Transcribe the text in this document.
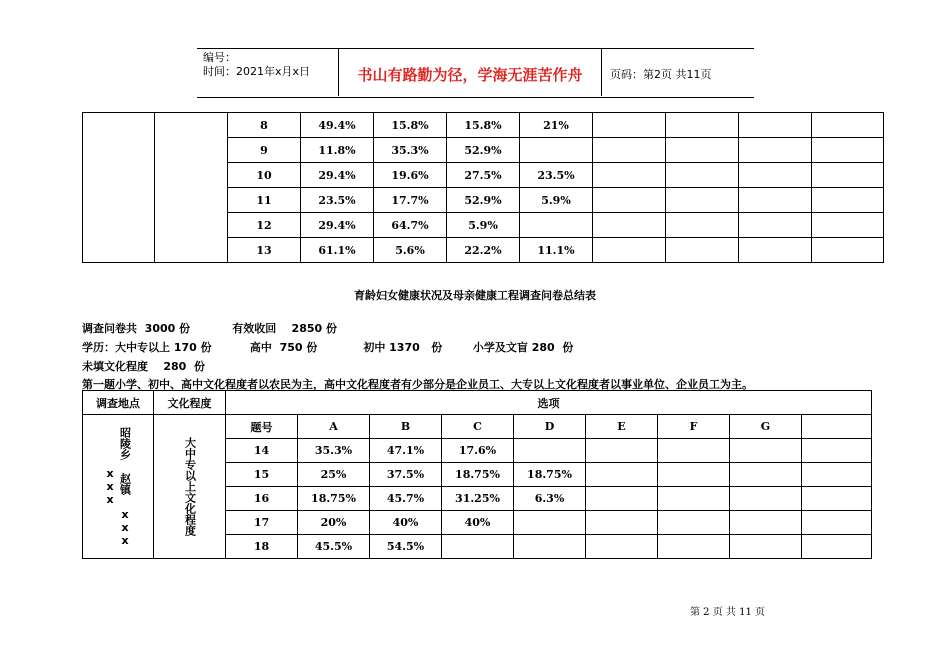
编号：
时间：2021年x月x日	书山有路勤为径，学海无涯苦作舟	页码：第2页 共11页
		8	49.4%	15.8%	15.8%	21%				
		9	11.8%	35.3%	52.9%					
		10	29.4%	19.6%	27.5%	23.5%				
		11	23.5%	17.7%	52.9%	5.9%				
		12	29.4%	64.7%	5.9%					
		13	61.1%	5.6%	22.2%	11.1%				
育龄妇女健康状况及母亲健康工程调查问卷总结表
调查问卷共  3000 份           有效收回    2850 份
学历：大中专以上 170 份          高中  750 份            初中 1370   份        小学及文盲 280  份
未填文化程度    280  份
第一题小学、初中、高中文化程度者以农民为主，高中文化程度者有少部分是企业员工、大专以上文化程度者以事业单位、企业员工为主。
调查地点	文化程度	选项								

昭陵乡 赵镇 xxx xxx	大中专以上文化程度	题号	A	B	C	D	E	F	G	
		14	35.3%	47.1%	17.6%					
		15	25%	37.5%	18.75%	18.75%				
		16	18.75%	45.7%	31.25%	6.3%				
		17	20%	40%	40%					
		18	45.5%	54.5%						
第 2 页 共 11 页
